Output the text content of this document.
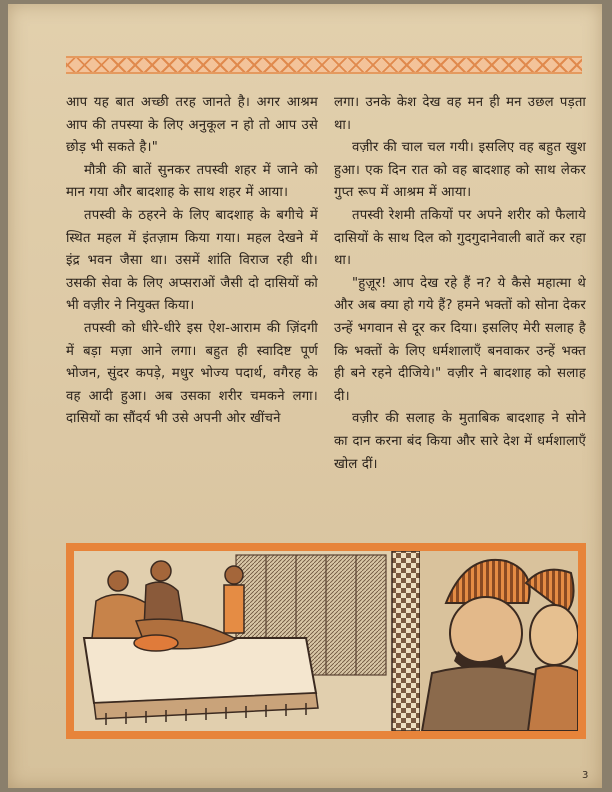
आप यह बात अच्छी तरह जानते है। अगर आश्रम आप की तपस्या के लिए अनुकूल न हो तो आप उसे छोड़ भी सकते है।"

मौत्री की बातें सुनकर तपस्वी शहर में जाने को मान गया और बादशाह के साथ शहर में आया।

तपस्वी के ठहरने के लिए बादशाह के बगीचे में स्थित महल में इंतज़ाम किया गया। महल देखने में इंद्र भवन जैसा था। उसमें शांति विराज रही थी। उसकी सेवा के लिए अप्सराओं जैसी दो दासियों को भी वज़ीर ने नियुक्त किया।

तपस्वी को धीरे-धीरे इस ऐश-आराम की ज़िंदगी में बड़ा मज़ा आने लगा। बहुत ही स्वादिष्ट पूर्ण भोजन, सुंदर कपड़े, मधुर भोज्य पदार्थ, वगैरह के वह आदी हुआ। अब उसका शरीर चमकने लगा। दासियों का सौंदर्य भी उसे अपनी ओर खींचने

लगा। उनके केश देख वह मन ही मन उछल पड़ता था।

वज़ीर की चाल चल गयी। इसलिए वह बहुत खुश हुआ। एक दिन रात को वह बादशाह को साथ लेकर गुप्त रूप में आश्रम में आया।

तपस्वी रेशमी तकियों पर अपने शरीर को फैलाये दासियों के साथ दिल को गुदगुदानेवाली बातें कर रहा था।

"हुज़ूर! आप देख रहे हैं न? ये कैसे महात्मा थे और अब क्या हो गये हैं? हमने भक्तों को सोना देकर उन्हें भगवान से दूर कर दिया। इसलिए मेरी सलाह है कि भक्तों के लिए धर्मशालाएँ बनवाकर उन्हें भक्त ही बने रहने दीजिये।" वज़ीर ने बादशाह को सलाह दी।

वज़ीर की सलाह के मुताबिक बादशाह ने सोने का दान करना बंद किया और सारे देश में धर्मशालाएँ खोल दीं।

3
